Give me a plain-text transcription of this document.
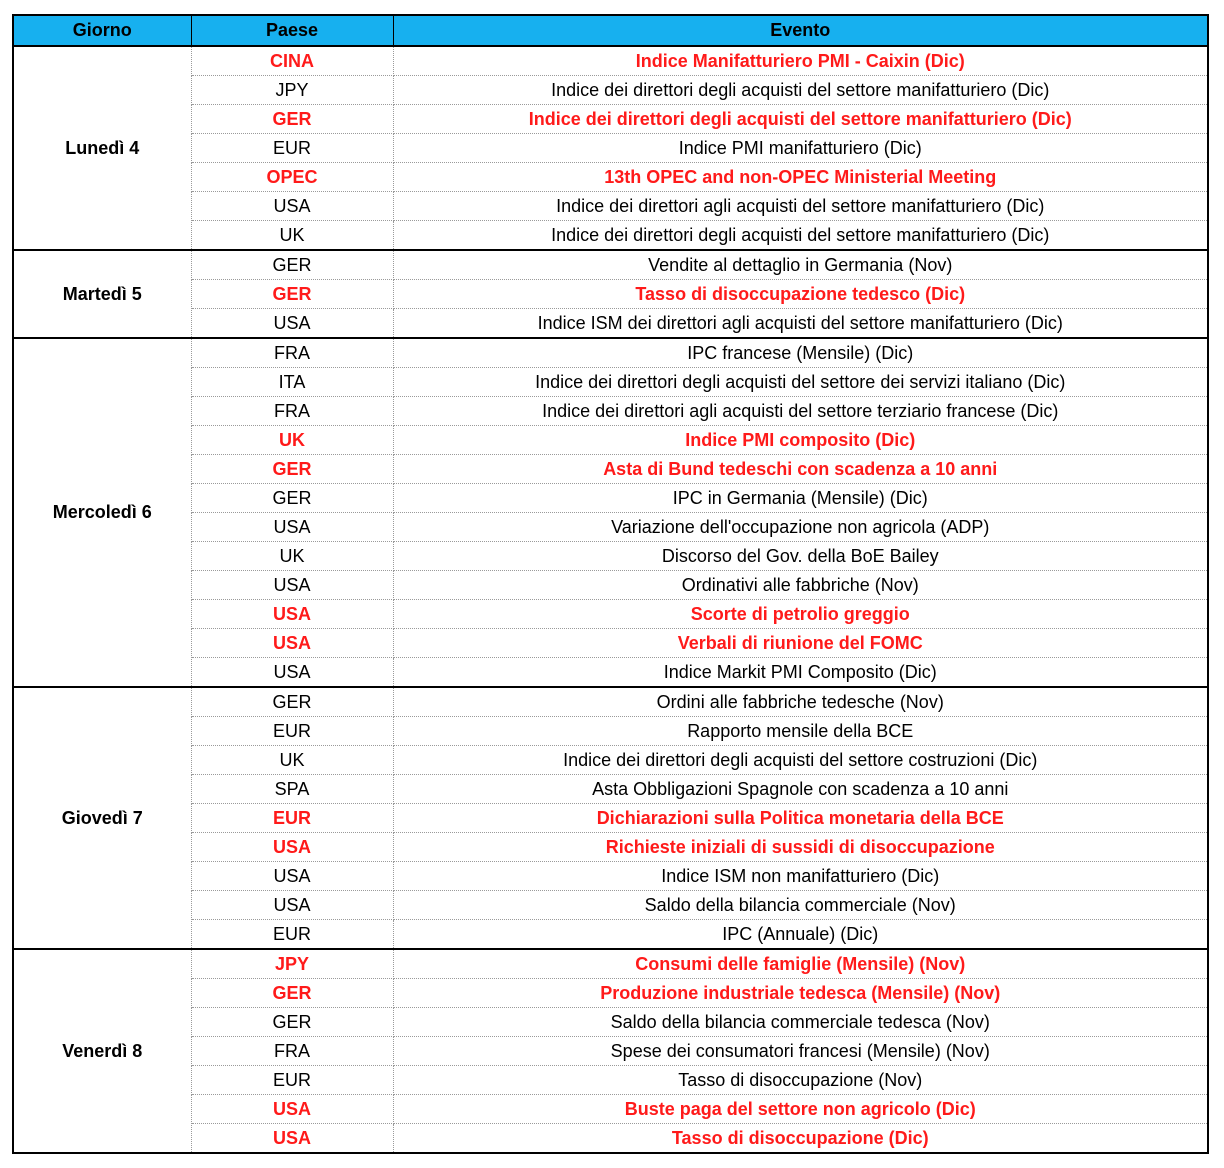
Giorno	Paese	Evento
Lunedì 4	CINA	Indice Manifatturiero PMI - Caixin (Dic)
	JPY	Indice dei direttori degli acquisti del settore manifatturiero (Dic)
	GER	Indice dei direttori degli acquisti del settore manifatturiero (Dic)
	EUR	Indice PMI manifatturiero (Dic)
	OPEC	13th OPEC and non-OPEC Ministerial Meeting
	USA	Indice dei direttori agli acquisti del settore manifatturiero (Dic)
	UK	Indice dei direttori degli acquisti del settore manifatturiero (Dic)
Martedì 5	GER	Vendite al dettaglio in Germania (Nov)
	GER	Tasso di disoccupazione tedesco (Dic)
	USA	Indice ISM dei direttori agli acquisti del settore manifatturiero (Dic)
Mercoledì 6	FRA	IPC francese (Mensile) (Dic)
	ITA	Indice dei direttori degli acquisti del settore dei servizi italiano (Dic)
	FRA	Indice dei direttori agli acquisti del settore terziario francese (Dic)
	UK	Indice PMI composito (Dic)
	GER	Asta di Bund tedeschi con scadenza a 10 anni
	GER	IPC in Germania (Mensile) (Dic)
	USA	Variazione dell'occupazione non agricola (ADP)
	UK	Discorso del Gov. della BoE Bailey
	USA	Ordinativi alle fabbriche (Nov)
	USA	Scorte di petrolio greggio
	USA	Verbali di riunione del FOMC
	USA	Indice Markit PMI Composito (Dic)
Giovedì 7	GER	Ordini alle fabbriche tedesche (Nov)
	EUR	Rapporto mensile della BCE
	UK	Indice dei direttori degli acquisti del settore costruzioni (Dic)
	SPA	Asta Obbligazioni Spagnole con scadenza a 10 anni
	EUR	Dichiarazioni sulla Politica monetaria della BCE
	USA	Richieste iniziali di sussidi di disoccupazione
	USA	Indice ISM non manifatturiero (Dic)
	USA	Saldo della bilancia commerciale (Nov)
	EUR	IPC (Annuale) (Dic)
Venerdì 8	JPY	Consumi delle famiglie (Mensile) (Nov)
	GER	Produzione industriale tedesca (Mensile) (Nov)
	GER	Saldo della bilancia commerciale tedesca (Nov)
	FRA	Spese dei consumatori francesi (Mensile) (Nov)
	EUR	Tasso di disoccupazione (Nov)
	USA	Buste paga del settore non agricolo (Dic)
	USA	Tasso di disoccupazione (Dic)
